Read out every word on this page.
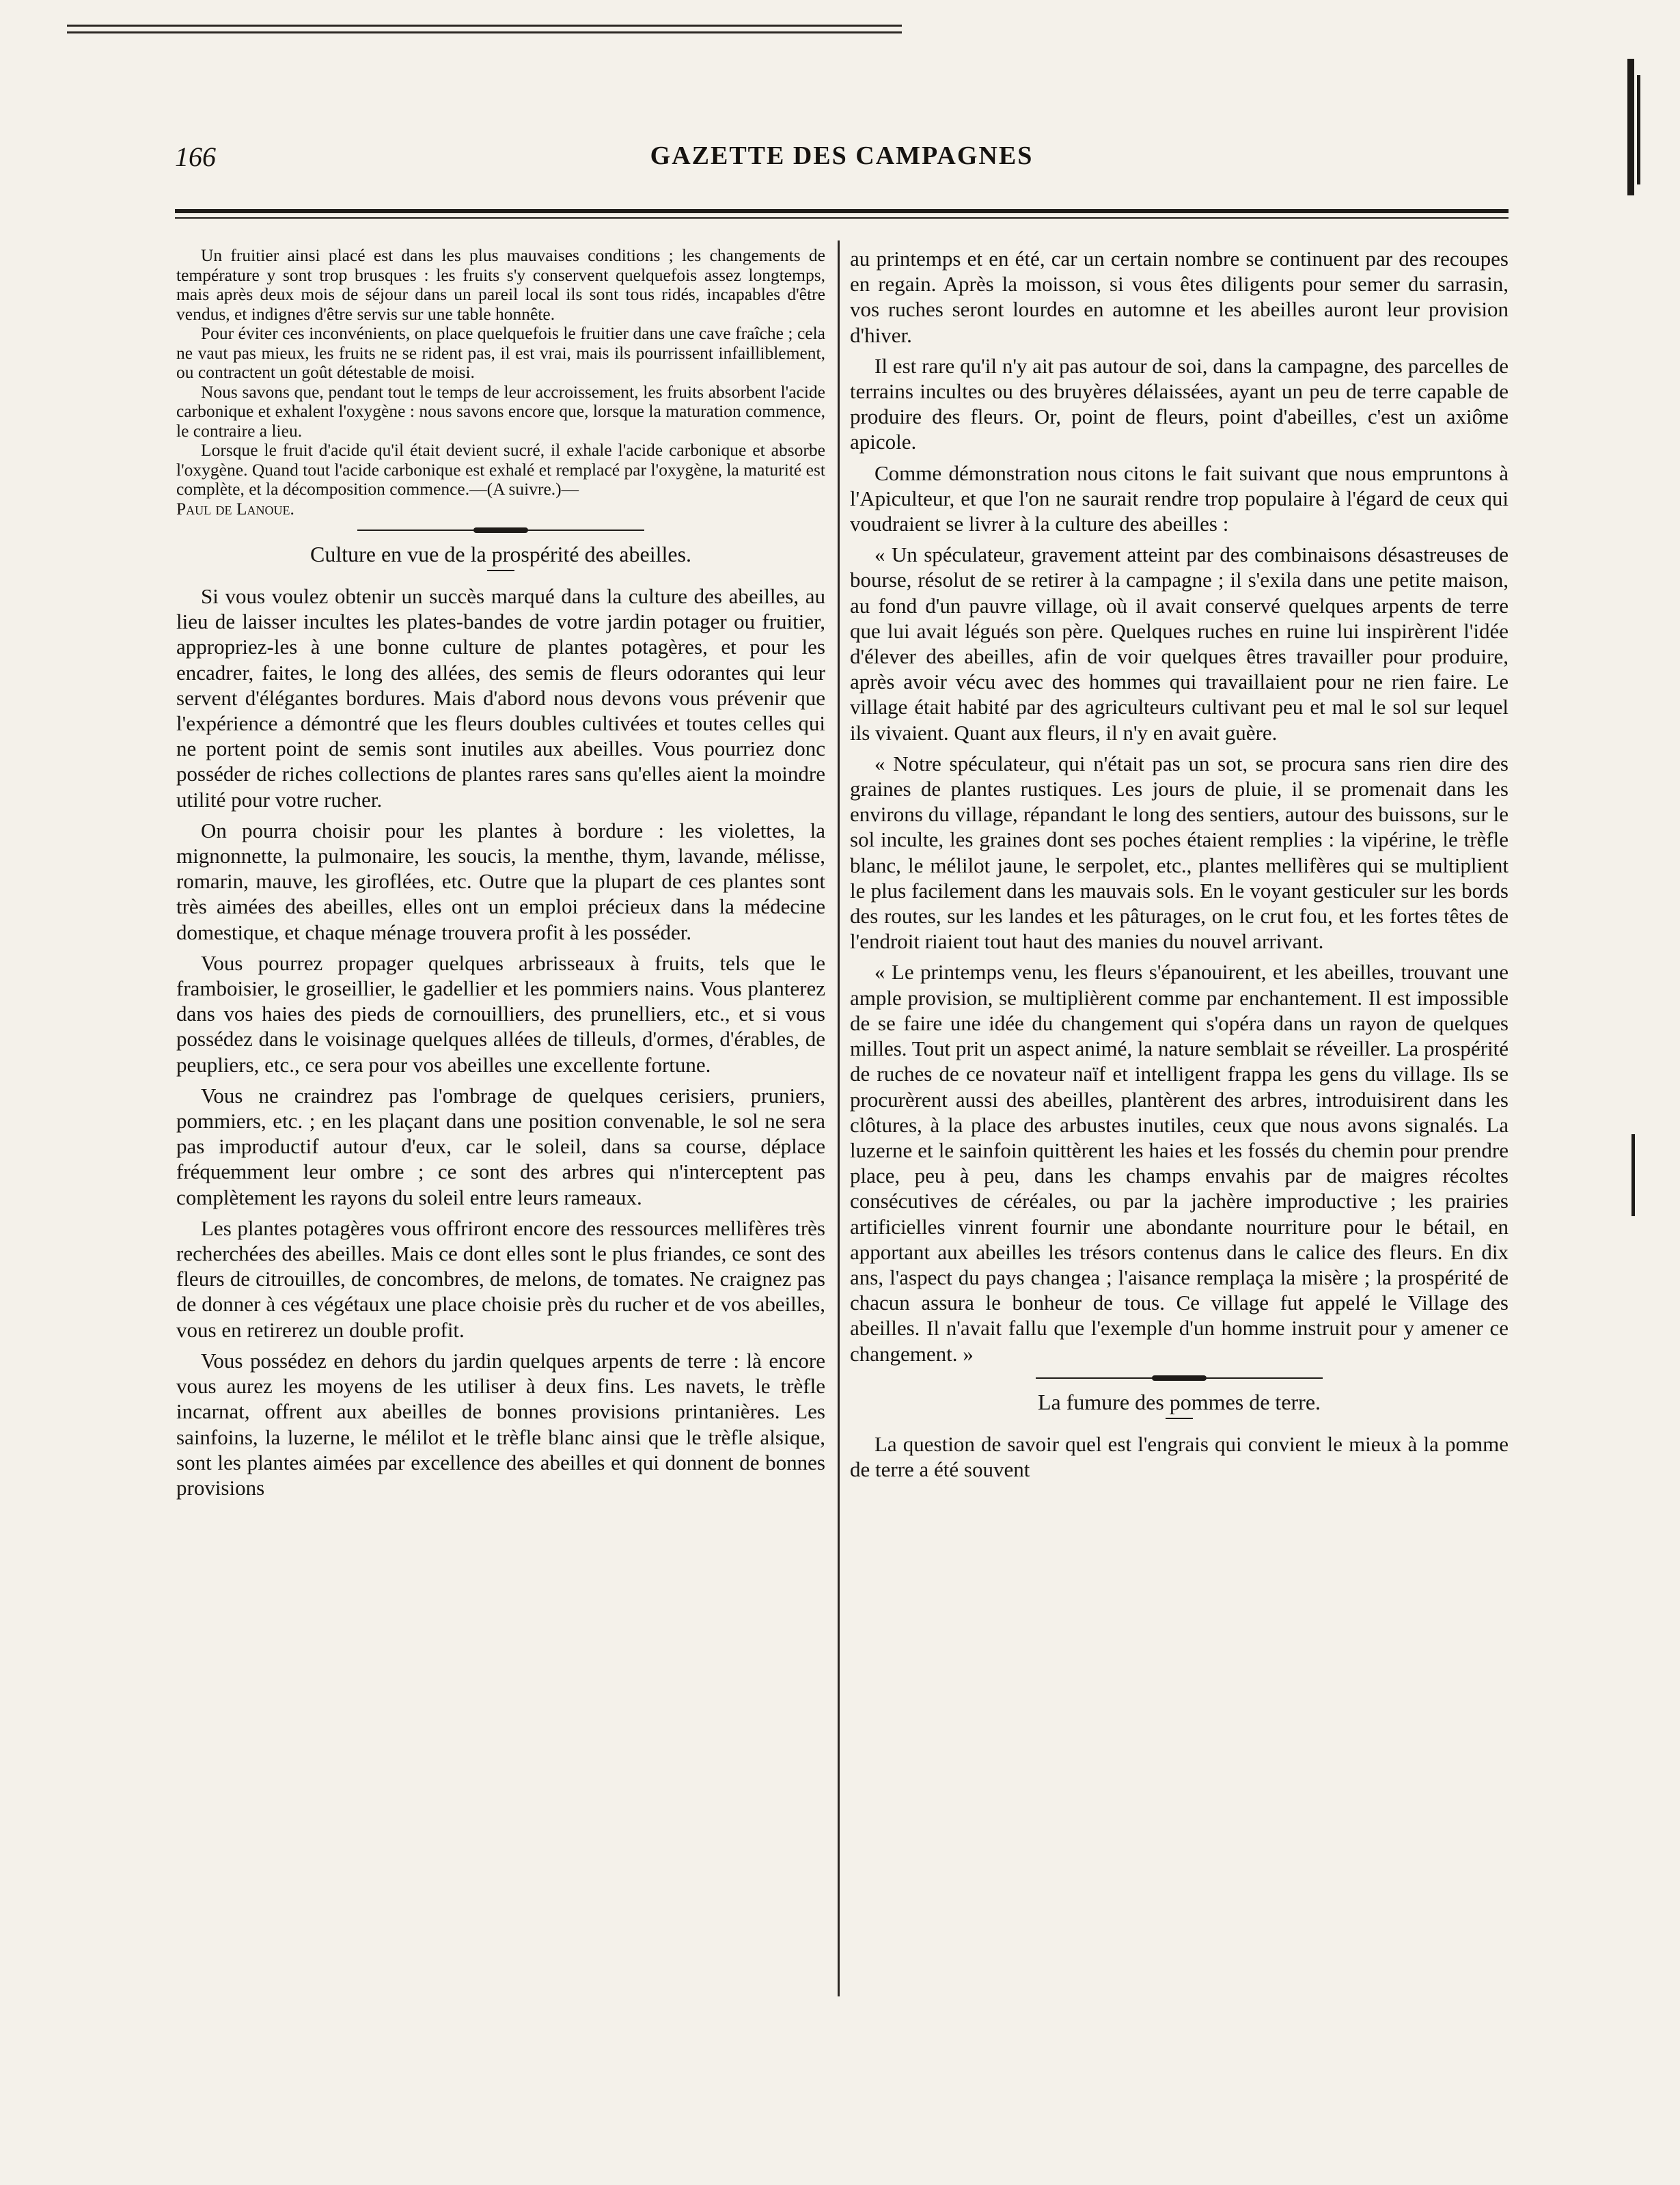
166	GAZETTE DES CAMPAGNES

Un fruitier ainsi placé est dans les plus mauvaises conditions ; les changements de température y sont trop brusques : les fruits s'y conservent quelquefois assez longtemps, mais après deux mois de séjour dans un pareil local ils sont tous ridés, incapables d'être vendus, et indignes d'être servis sur une table honnête.

Pour éviter ces inconvénients, on place quelquefois le fruitier dans une cave fraîche ; cela ne vaut pas mieux, les fruits ne se rident pas, il est vrai, mais ils pourrissent infailliblement, ou contractent un goût détestable de moisi.

Nous savons que, pendant tout le temps de leur accroissement, les fruits absorbent l'acide carbonique et exhalent l'oxygène : nous savons encore que, lorsque la maturation commence, le contraire a lieu.

Lorsque le fruit d'acide qu'il était devient sucré, il exhale l'acide carbonique et absorbe l'oxygène. Quand tout l'acide carbonique est exhalé et remplacé par l'oxygène, la maturité est complète, et la décomposition commence.—(A suivre.)—

Paul de Lanoue.

Culture en vue de la prospérité des abeilles.

Si vous voulez obtenir un succès marqué dans la culture des abeilles, au lieu de laisser incultes les plates-bandes de votre jardin potager ou fruitier, appropriez-les à une bonne culture de plantes potagères, et pour les encadrer, faites, le long des allées, des semis de fleurs odorantes qui leur servent d'élégantes bordures. Mais d'abord nous devons vous prévenir que l'expérience a démontré que les fleurs doubles cultivées et toutes celles qui ne portent point de semis sont inutiles aux abeilles. Vous pourriez donc posséder de riches collections de plantes rares sans qu'elles aient la moindre utilité pour votre rucher.

On pourra choisir pour les plantes à bordure : les violettes, la mignonnette, la pulmonaire, les soucis, la menthe, thym, lavande, mélisse, romarin, mauve, les giroflées, etc. Outre que la plupart de ces plantes sont très aimées des abeilles, elles ont un emploi précieux dans la médecine domestique, et chaque ménage trouvera profit à les posséder.

Vous pourrez propager quelques arbrisseaux à fruits, tels que le framboisier, le groseillier, le gadellier et les pommiers nains. Vous planterez dans vos haies des pieds de cornouilliers, des prunelliers, etc., et si vous possédez dans le voisinage quelques allées de tilleuls, d'ormes, d'érables, de peupliers, etc., ce sera pour vos abeilles une excellente fortune.

Vous ne craindrez pas l'ombrage de quelques cerisiers, pruniers, pommiers, etc. ; en les plaçant dans une position convenable, le sol ne sera pas improductif autour d'eux, car le soleil, dans sa course, déplace fréquemment leur ombre ; ce sont des arbres qui n'interceptent pas complètement les rayons du soleil entre leurs rameaux.

Les plantes potagères vous offriront encore des ressources mellifères très recherchées des abeilles. Mais ce dont elles sont le plus friandes, ce sont des fleurs de citrouilles, de concombres, de melons, de tomates. Ne craignez pas de donner à ces végétaux une place choisie près du rucher et de vos abeilles, vous en retirerez un double profit.

Vous possédez en dehors du jardin quelques arpents de terre : là encore vous aurez les moyens de les utiliser à deux fins. Les navets, le trèfle incarnat, offrent aux abeilles de bonnes provisions printanières. Les sainfoins, la luzerne, le mélilot et le trèfle blanc ainsi que le trèfle alsique, sont les plantes aimées par excellence des abeilles et qui donnent de bonnes provisions

au printemps et en été, car un certain nombre se continuent par des recoupes en regain. Après la moisson, si vous êtes diligents pour semer du sarrasin, vos ruches seront lourdes en automne et les abeilles auront leur provision d'hiver.

Il est rare qu'il n'y ait pas autour de soi, dans la campagne, des parcelles de terrains incultes ou des bruyères délaissées, ayant un peu de terre capable de produire des fleurs. Or, point de fleurs, point d'abeilles, c'est un axiôme apicole.

Comme démonstration nous citons le fait suivant que nous empruntons à l'Apiculteur, et que l'on ne saurait rendre trop populaire à l'égard de ceux qui voudraient se livrer à la culture des abeilles :

« Un spéculateur, gravement atteint par des combinaisons désastreuses de bourse, résolut de se retirer à la campagne ; il s'exila dans une petite maison, au fond d'un pauvre village, où il avait conservé quelques arpents de terre que lui avait légués son père. Quelques ruches en ruine lui inspirèrent l'idée d'élever des abeilles, afin de voir quelques êtres travailler pour produire, après avoir vécu avec des hommes qui travaillaient pour ne rien faire. Le village était habité par des agriculteurs cultivant peu et mal le sol sur lequel ils vivaient. Quant aux fleurs, il n'y en avait guère.

« Notre spéculateur, qui n'était pas un sot, se procura sans rien dire des graines de plantes rustiques. Les jours de pluie, il se promenait dans les environs du village, répandant le long des sentiers, autour des buissons, sur le sol inculte, les graines dont ses poches étaient remplies : la vipérine, le trèfle blanc, le mélilot jaune, le serpolet, etc., plantes mellifères qui se multiplient le plus facilement dans les mauvais sols. En le voyant gesticuler sur les bords des routes, sur les landes et les pâturages, on le crut fou, et les fortes têtes de l'endroit riaient tout haut des manies du nouvel arrivant.

« Le printemps venu, les fleurs s'épanouirent, et les abeilles, trouvant une ample provision, se multiplièrent comme par enchantement. Il est impossible de se faire une idée du changement qui s'opéra dans un rayon de quelques milles. Tout prit un aspect animé, la nature semblait se réveiller. La prospérité de ruches de ce novateur naïf et intelligent frappa les gens du village. Ils se procurèrent aussi des abeilles, plantèrent des arbres, introduisirent dans les clôtures, à la place des arbustes inutiles, ceux que nous avons signalés. La luzerne et le sainfoin quittèrent les haies et les fossés du chemin pour prendre place, peu à peu, dans les champs envahis par de maigres récoltes consécutives de céréales, ou par la jachère improductive ; les prairies artificielles vinrent fournir une abondante nourriture pour le bétail, en apportant aux abeilles les trésors contenus dans le calice des fleurs. En dix ans, l'aspect du pays changea ; l'aisance remplaça la misère ; la prospérité de chacun assura le bonheur de tous. Ce village fut appelé le Village des abeilles. Il n'avait fallu que l'exemple d'un homme instruit pour y amener ce changement. »

La fumure des pommes de terre.

La question de savoir quel est l'engrais qui convient le mieux à la pomme de terre a été souvent
